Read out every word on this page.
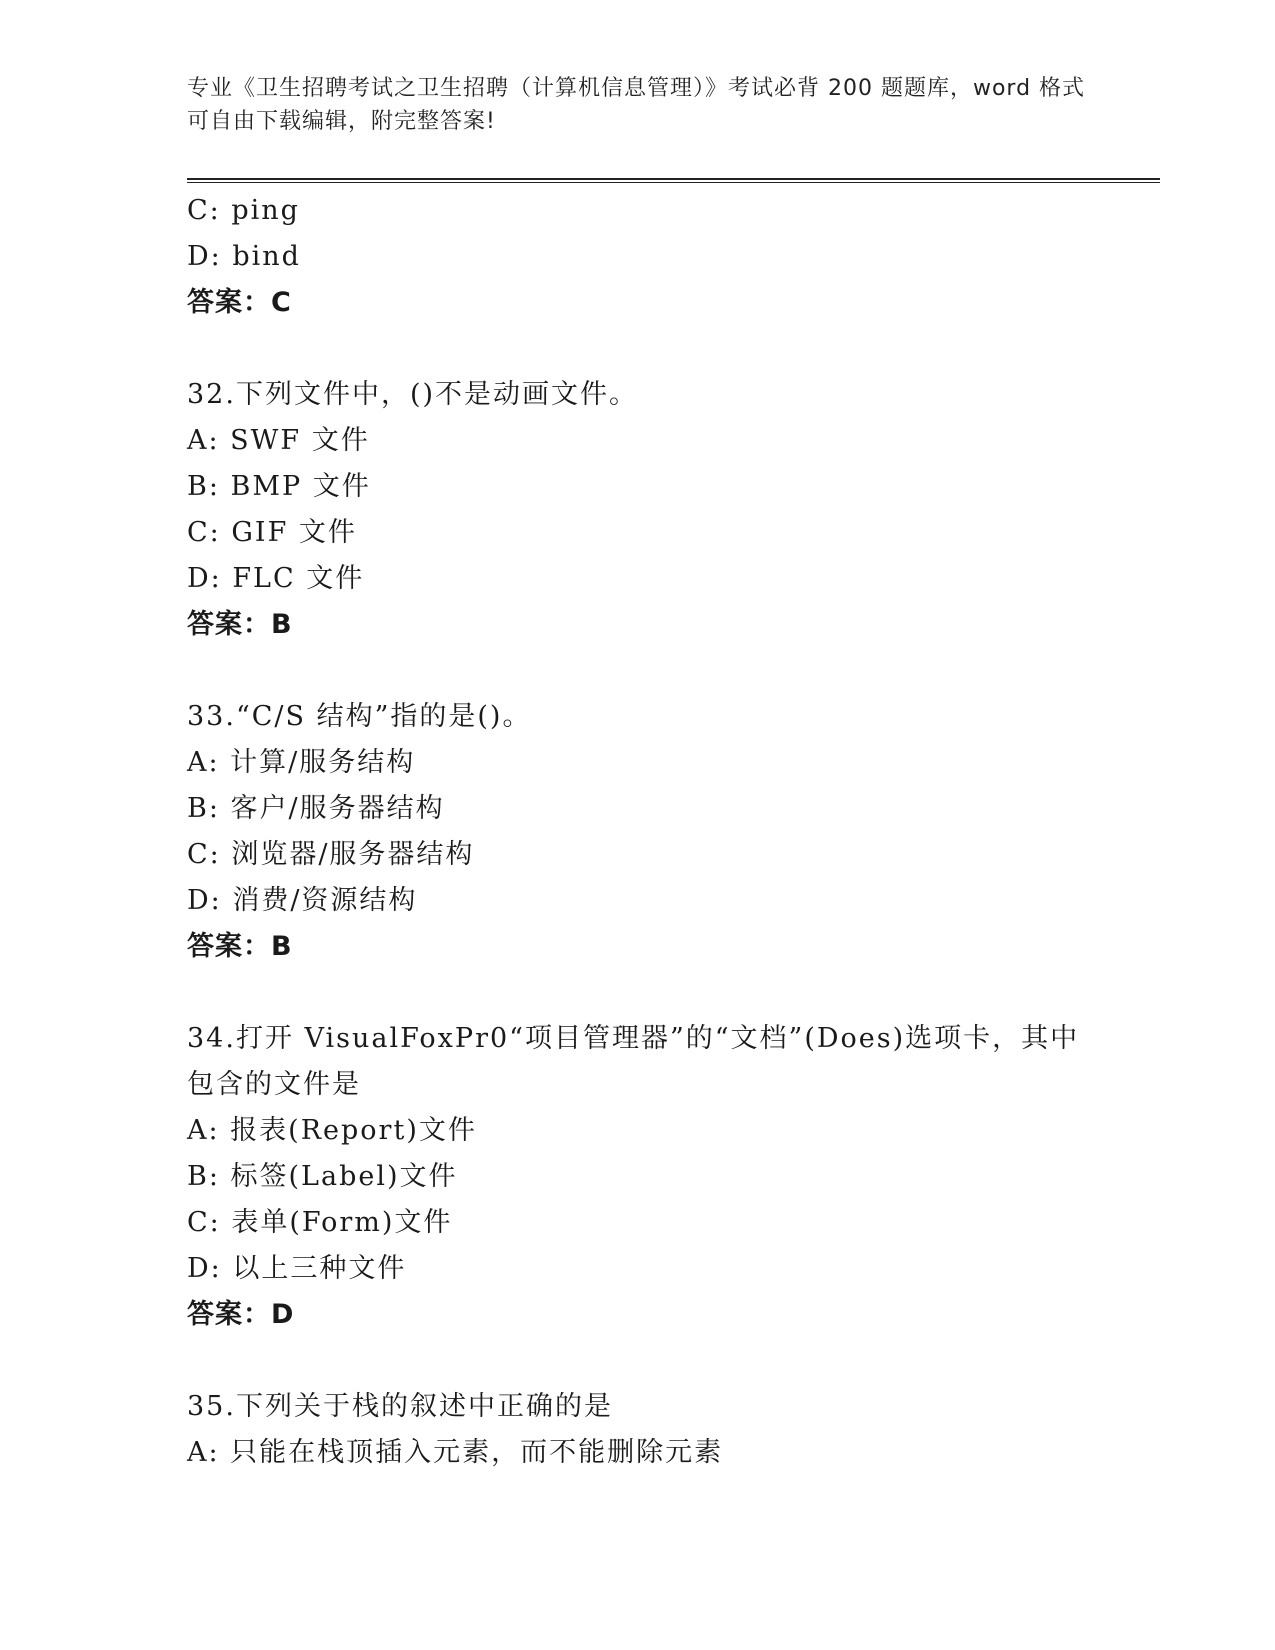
专业《卫生招聘考试之卫生招聘（计算机信息管理）》考试必背 200 题题库，word 格式可自由下载编辑，附完整答案!
C: ping
D: bind
答案：C
32.下列文件中，()不是动画文件。
A: SWF 文件
B: BMP 文件
C: GIF 文件
D: FLC 文件
答案：B
33.“C/S 结构”指的是()。
A: 计算/服务结构
B: 客户/服务器结构
C: 浏览器/服务器结构
D: 消费/资源结构
答案：B
34.打开 VisualFoxPr0“项目管理器”的“文档”(Does)选项卡，其中包含的文件是
A: 报表(Report)文件
B: 标签(Label)文件
C: 表单(Form)文件
D: 以上三种文件
答案：D
35.下列关于栈的叙述中正确的是
A: 只能在栈顶插入元素，而不能删除元素
